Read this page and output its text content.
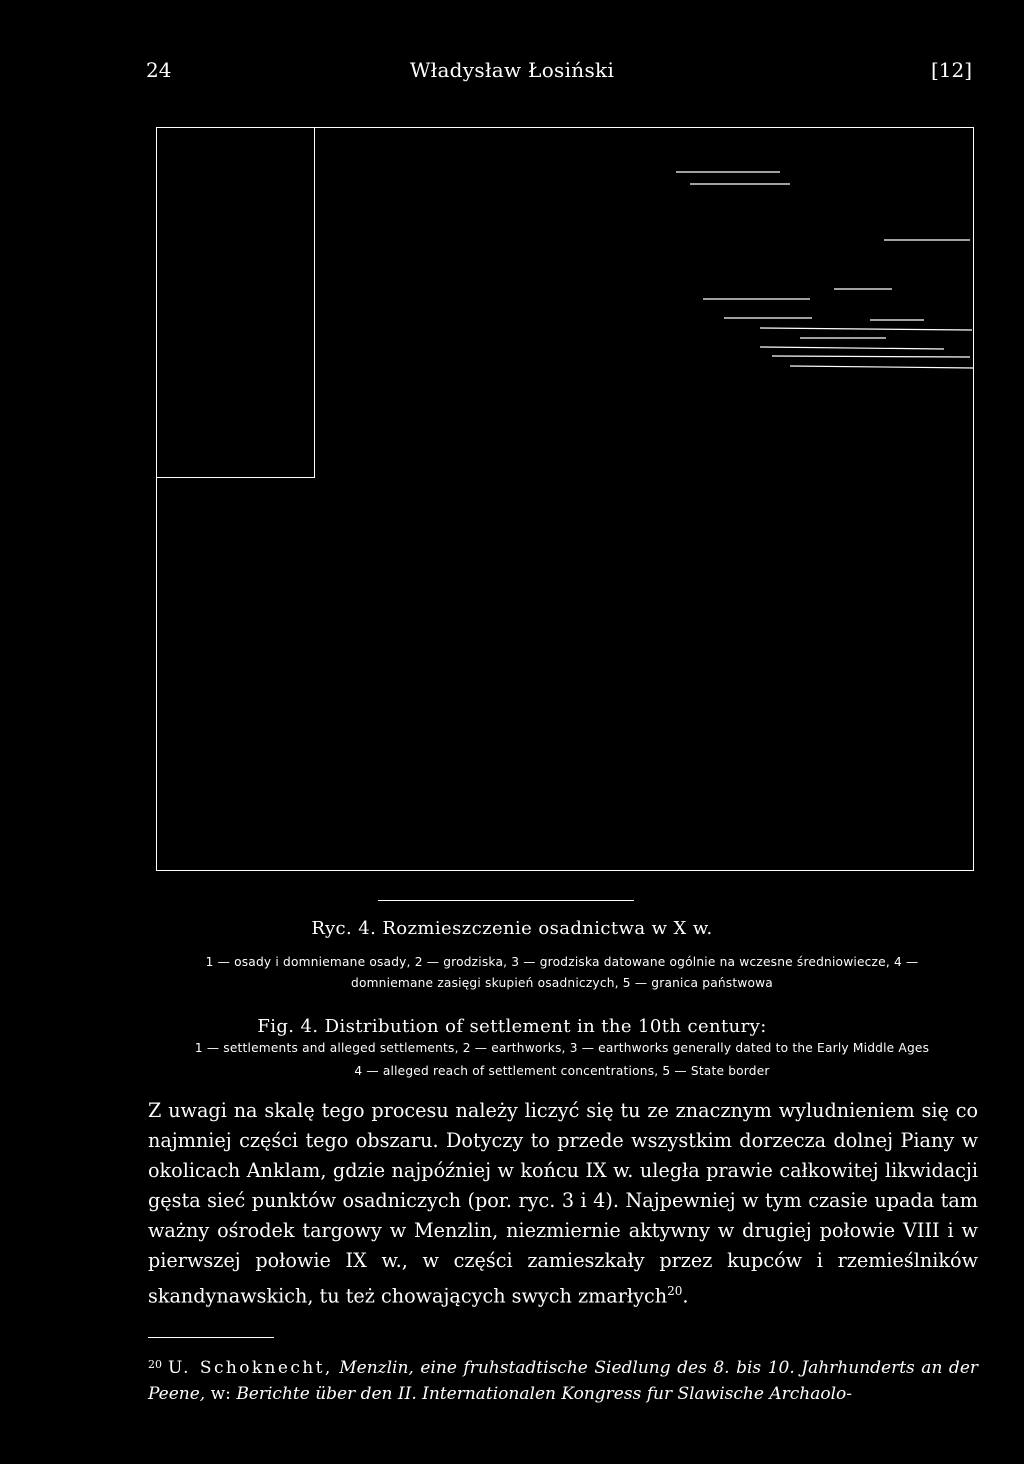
24	Władysław Łosiński	[12]
Ryc. 4. Rozmieszczenie osadnictwa w X w.
1 — osady i domniemane osady, 2 — grodziska, 3 — grodziska datowane ogólnie na wczesne średniowiecze, 4 —
domniemane zasięgi skupień osadniczych, 5 — granica państwowa
Fig. 4. Distribution of settlement in the 10th century:
1 — settlements and alleged settlements, 2 — earthworks, 3 — earthworks generally dated to the Early Middle Ages
4 — alleged reach of settlement concentrations, 5 — State border

Z uwagi na skalę tego procesu należy liczyć się tu ze znacznym wyludnieniem się co najmniej części tego obszaru. Dotyczy to przede wszystkim dorzecza dolnej Piany w okolicach Anklam, gdzie najpóźniej w końcu IX w. uległa prawie całkowitej likwidacji gęsta sieć punktów osadniczych (por. ryc. 3 i 4). Najpewniej w tym czasie upada tam ważny ośrodek targowy w Menzlin, niezmiernie aktywny w drugiej połowie VIII i w pierwszej połowie IX w., w części zamieszkały przez kupców i rzemieślników skandynawskich, tu też chowających swych zmarłych$^{20}$.

$^{20}$ U. Schoknecht, Menzlin, eine fruhstadtische Siedlung des 8. bis 10. Jahrhunderts an der Peene, w: Berichte über den II. Internationalen Kongress fur Slawische Archaolo-
